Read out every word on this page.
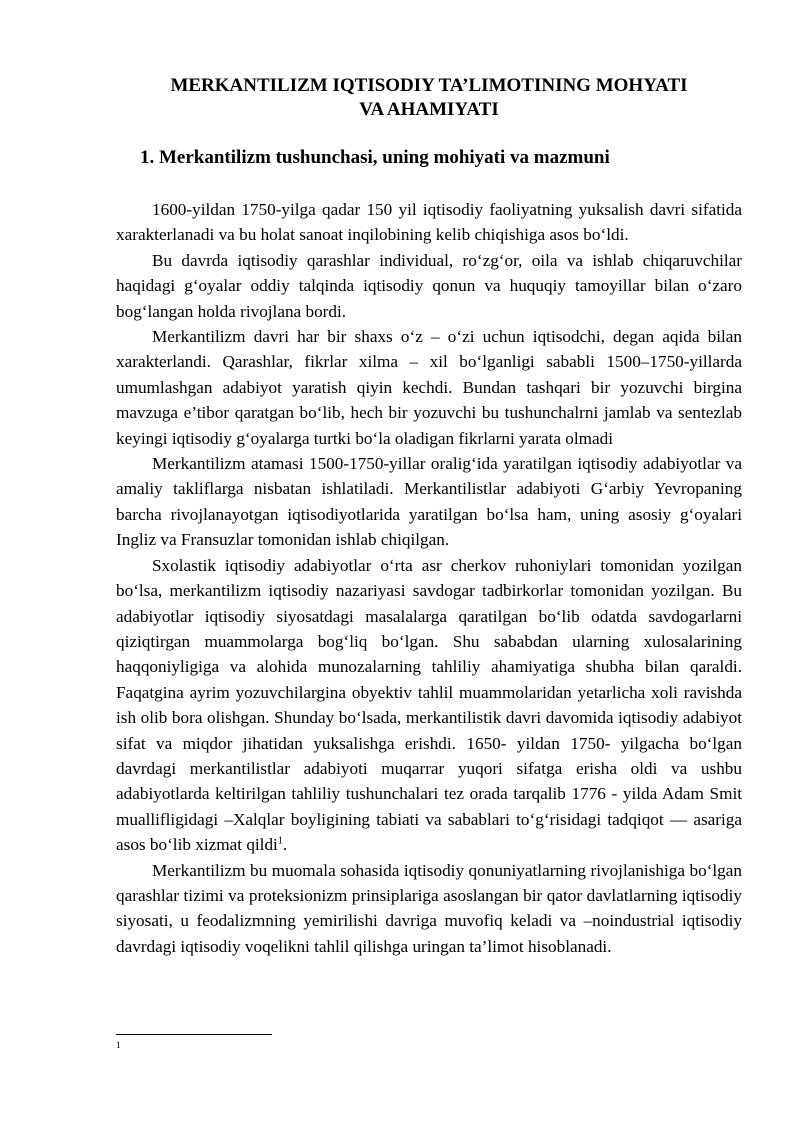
MERKANTILIZM IQTISODIY TA’LIMOTINING MOHYATI
VA AHAMIYATI
1. Merkantilizm tushunchasi, uning mohiyati va mazmuni

1600-yildan 1750-yilga qadar 150 yil iqtisodiy faoliyatning yuksalish davri sifatida xarakterlanadi va bu holat sanoat inqilobining kelib chiqishiga asos bo‘ldi.

Bu davrda iqtisodiy qarashlar individual, ro‘zg‘or, oila va ishlab chiqaruvchilar haqidagi g‘oyalar oddiy talqinda iqtisodiy qonun va huquqiy tamoyillar bilan o‘zaro bog‘langan holda rivojlana bordi.

Merkantilizm davri har bir shaxs o‘z – o‘zi uchun iqtisodchi, degan aqida bilan xarakterlandi. Qarashlar, fikrlar xilma – xil bo‘lganligi sababli 1500–1750-yillarda umumlashgan adabiyot yaratish qiyin kechdi. Bundan tashqari bir yozuvchi birgina mavzuga e’tibor qaratgan bo‘lib, hech bir yozuvchi bu tushunchalrni jamlab va sentezlab keyingi iqtisodiy g‘oyalarga turtki bo‘la oladigan fikrlarni yarata olmadi

Merkantilizm atamasi 1500-1750-yillar oralig‘ida yaratilgan iqtisodiy adabiyotlar va amaliy takliflarga nisbatan ishlatiladi. Merkantilistlar adabiyoti G‘arbiy Yevropaning barcha rivojlanayotgan iqtisodiyotlarida yaratilgan bo‘lsa ham, uning asosiy g‘oyalari Ingliz va Fransuzlar tomonidan ishlab chiqilgan.

Sxolastik iqtisodiy adabiyotlar o‘rta asr cherkov ruhoniylari tomonidan yozilgan bo‘lsa, merkantilizm iqtisodiy nazariyasi savdogar tadbirkorlar tomonidan yozilgan. Bu adabiyotlar iqtisodiy siyosatdagi masalalarga qaratilgan bo‘lib odatda savdogarlarni qiziqtirgan muammolarga bog‘liq bo‘lgan. Shu sababdan ularning xulosalarining haqqoniyligiga va alohida munozalarning tahliliy ahamiyatiga shubha bilan qaraldi. Faqatgina ayrim yozuvchilargina obyektiv tahlil muammolaridan yetarlicha xoli ravishda ish olib bora olishgan. Shunday bo‘lsada, merkantilistik davri davomida iqtisodiy adabiyot sifat va miqdor jihatidan yuksalishga erishdi. 1650- yildan 1750- yilgacha bo‘lgan davrdagi merkantilistlar adabiyoti muqarrar yuqori sifatga erisha oldi va ushbu adabiyotlarda keltirilgan tahliliy tushunchalari tez orada tarqalib 1776 - yilda Adam Smit muallifligidagi –Xalqlar boyligining tabiati va sabablari to‘g‘risidagi tadqiqot — asariga asos bo‘lib xizmat qildi$^1$.

Merkantilizm bu muomala sohasida iqtisodiy qonuniyatlarning rivojlanishiga bo‘lgan qarashlar tizimi va proteksionizm prinsiplariga asoslangan bir qator davlatlarning iqtisodiy siyosati, u feodalizmning yemirilishi davriga muvofiq keladi va –noindustrial iqtisodiy davrdagi iqtisodiy voqelikni tahlil qilishga uringan ta’limot hisoblanadi.

1
